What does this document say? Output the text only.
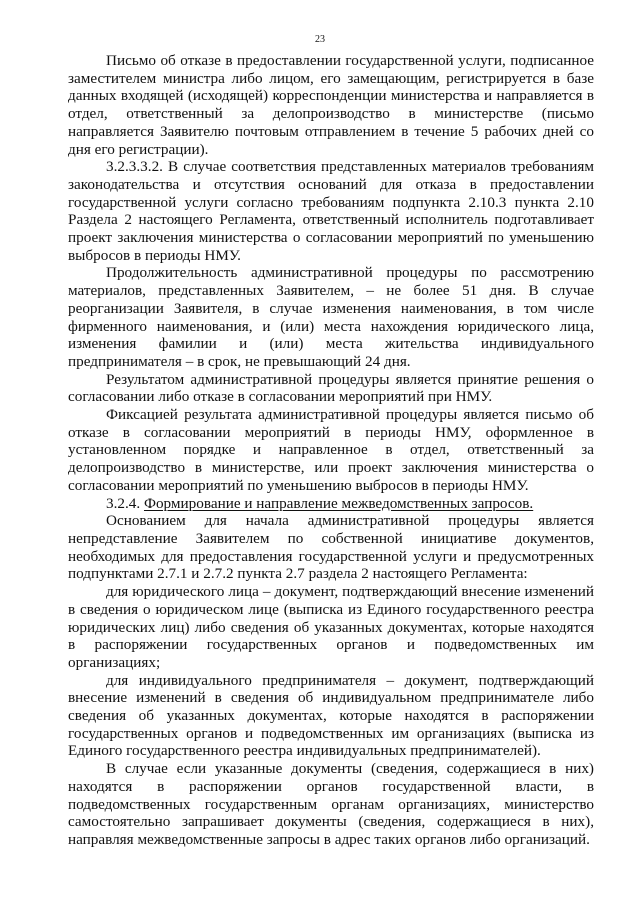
23

Письмо об отказе в предоставлении государственной услуги, подписанное заместителем министра либо лицом, его замещающим, регистрируется в базе данных входящей (исходящей) корреспонденции министерства и направляется в отдел, ответственный за делопроизводство в министерстве (письмо направляется Заявителю почтовым отправлением в течение 5 рабочих дней со дня его регистрации).

3.2.3.3.2. В случае соответствия представленных материалов требованиям законодательства и отсутствия оснований для отказа в предоставлении государственной услуги согласно требованиям подпункта 2.10.3 пункта 2.10 Раздела 2 настоящего Регламента, ответственный исполнитель подготавливает проект заключения министерства о согласовании мероприятий по уменьшению выбросов в периоды НМУ.

Продолжительность административной процедуры по рассмотрению материалов, представленных Заявителем, – не более 51 дня. В случае реорганизации Заявителя, в случае изменения наименования, в том числе фирменного наименования, и (или) места нахождения юридического лица, изменения фамилии и (или) места жительства индивидуального предпринимателя – в срок, не превышающий 24 дня.

Результатом административной процедуры является принятие решения о согласовании либо отказе в согласовании мероприятий при НМУ.

Фиксацией результата административной процедуры является письмо об отказе в согласовании мероприятий в периоды НМУ, оформленное в установленном порядке и направленное в отдел, ответственный за делопроизводство в министерстве, или проект заключения министерства о согласовании мероприятий по уменьшению выбросов в периоды НМУ.

3.2.4. Формирование и направление межведомственных запросов.

Основанием для начала административной процедуры является непредставление Заявителем по собственной инициативе документов, необходимых для предоставления государственной услуги и предусмотренных подпунктами 2.7.1 и 2.7.2 пункта 2.7 раздела 2 настоящего Регламента:

для юридического лица – документ, подтверждающий внесение изменений в сведения о юридическом лице (выписка из Единого государственного реестра юридических лиц) либо сведения об указанных документах, которые находятся в распоряжении государственных органов и подведомственных им организациях;

для индивидуального предпринимателя – документ, подтверждающий внесение изменений в сведения об индивидуальном предпринимателе либо сведения об указанных документах, которые находятся в распоряжении государственных органов и подведомственных им организациях (выписка из Единого государственного реестра индивидуальных предпринимателей).

В случае если указанные документы (сведения, содержащиеся в них) находятся в распоряжении органов государственной власти, в подведомственных государственным органам организациях, министерство самостоятельно запрашивает документы (сведения, содержащиеся в них), направляя межведомственные запросы в адрес таких органов либо организаций.
